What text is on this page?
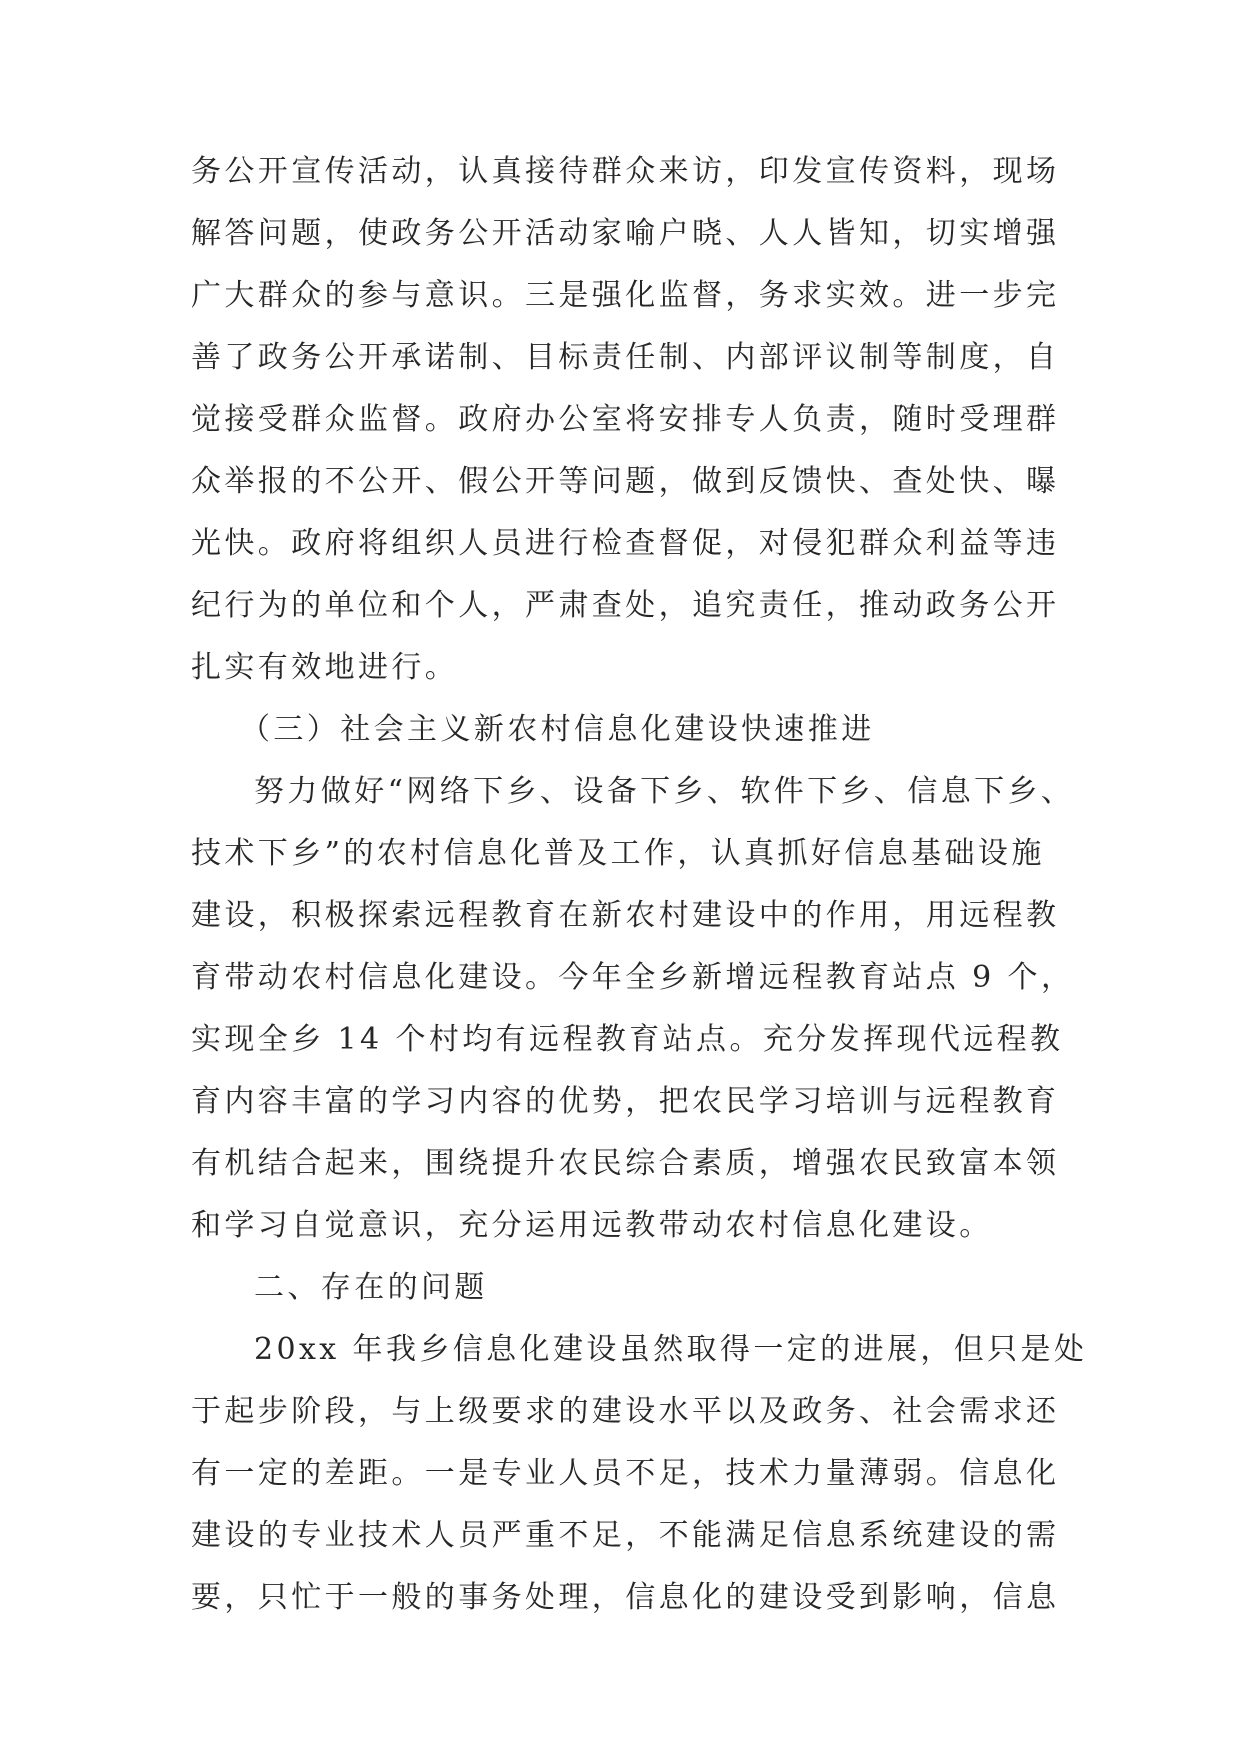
务公开宣传活动，认真接待群众来访，印发宣传资料，现场

解答问题，使政务公开活动家喻户晓、人人皆知，切实增强

广大群众的参与意识。三是强化监督，务求实效。进一步完

善了政务公开承诺制、目标责任制、内部评议制等制度，自

觉接受群众监督。政府办公室将安排专人负责，随时受理群

众举报的不公开、假公开等问题，做到反馈快、查处快、曝

光快。政府将组织人员进行检查督促，对侵犯群众利益等违

纪行为的单位和个人，严肃查处，追究责任，推动政务公开

扎实有效地进行。

（三）社会主义新农村信息化建设快速推进

努力做好“网络下乡、设备下乡、软件下乡、信息下乡、

技术下乡”的农村信息化普及工作，认真抓好信息基础设施

建设，积极探索远程教育在新农村建设中的作用，用远程教

育带动农村信息化建设。今年全乡新增远程教育站点 9 个，

实现全乡 14 个村均有远程教育站点。充分发挥现代远程教

育内容丰富的学习内容的优势，把农民学习培训与远程教育

有机结合起来，围绕提升农民综合素质，增强农民致富本领

和学习自觉意识，充分运用远教带动农村信息化建设。

二、存在的问题

20xx 年我乡信息化建设虽然取得一定的进展，但只是处

于起步阶段，与上级要求的建设水平以及政务、社会需求还

有一定的差距。一是专业人员不足，技术力量薄弱。信息化

建设的专业技术人员严重不足，不能满足信息系统建设的需

要，只忙于一般的事务处理，信息化的建设受到影响，信息
